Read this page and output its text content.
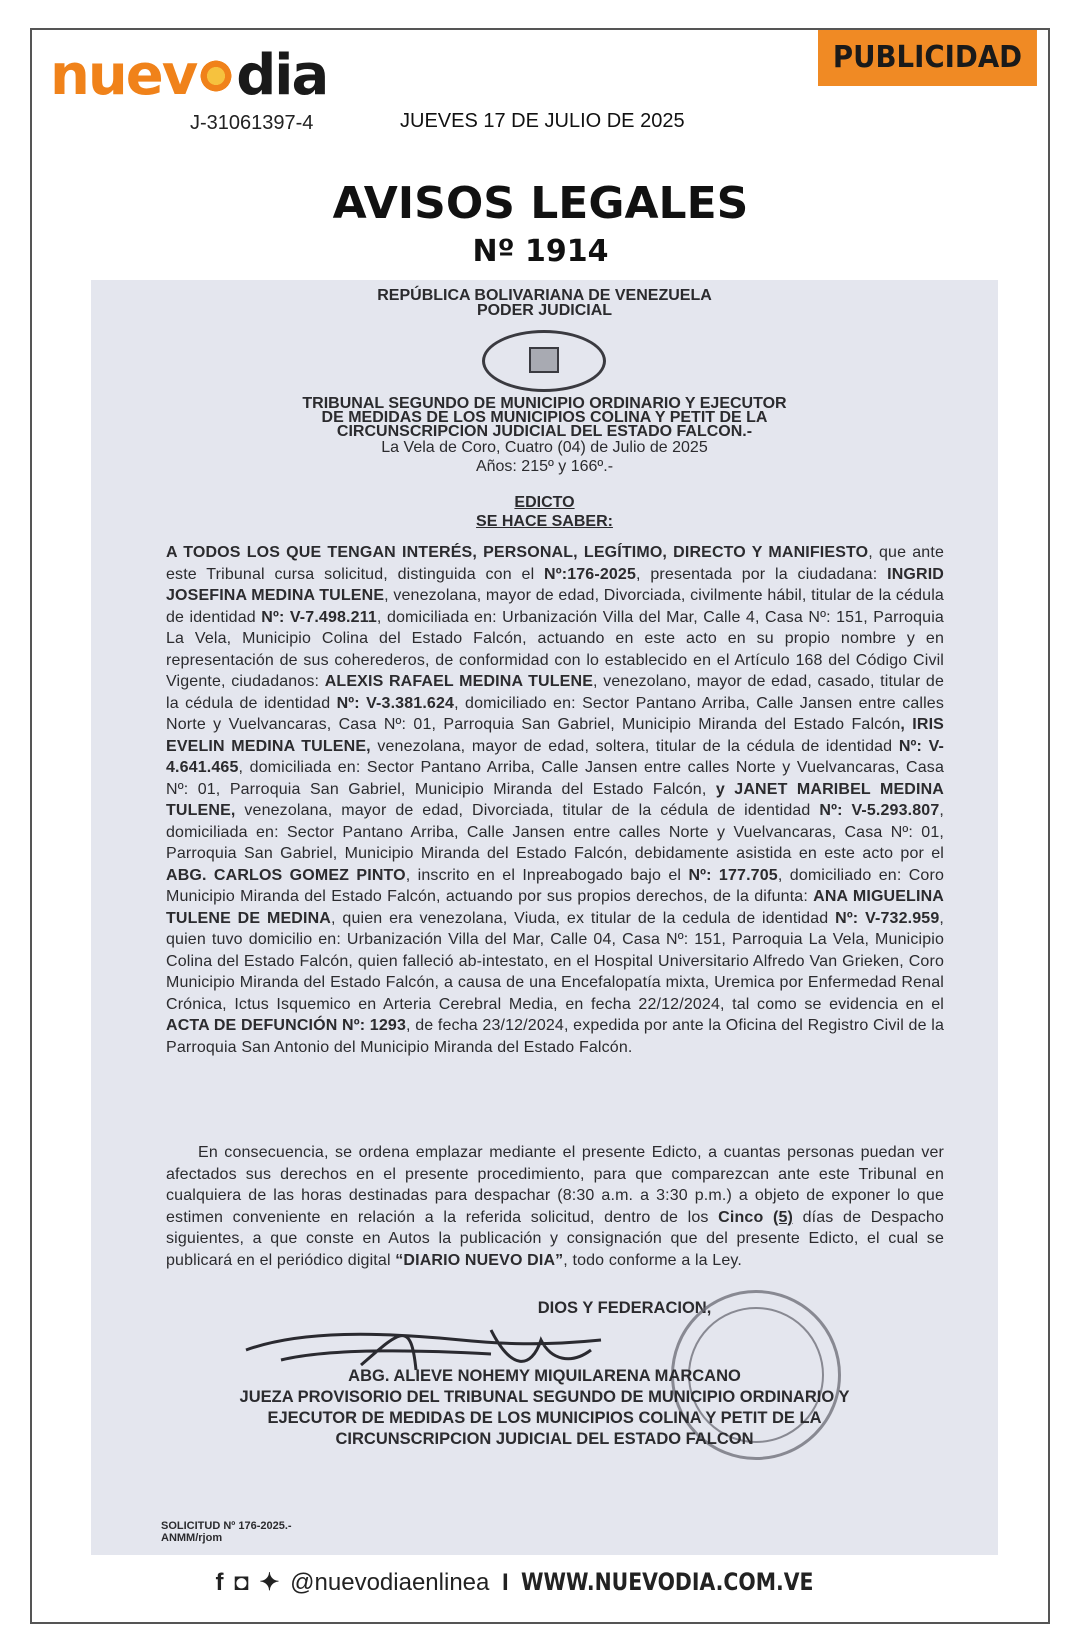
nuev dia
J-31061397-4	JUEVES 17 DE JULIO DE 2025
PUBLICIDAD
AVISOS LEGALES
Nº 1914
REPÚBLICA BOLIVARIANA DE VENEZUELA
PODER JUDICIAL
TRIBUNAL SEGUNDO DE MUNICIPIO ORDINARIO Y EJECUTOR
DE MEDIDAS DE LOS MUNICIPIOS COLINA Y PETIT DE LA
CIRCUNSCRIPCION JUDICIAL DEL ESTADO FALCON.-
La Vela de Coro, Cuatro (04) de Julio de 2025
Años: 215º y 166º.-
EDICTO
SE HACE SABER:
A TODOS LOS QUE TENGAN INTERÉS, PERSONAL, LEGÍTIMO, DIRECTO Y MANIFIESTO, que ante este Tribunal cursa solicitud, distinguida con el Nº:176-2025, presentada por la ciudadana: INGRID JOSEFINA MEDINA TULENE, venezolana, mayor de edad, Divorciada, civilmente hábil, titular de la cédula de identidad Nº: V-7.498.211, domiciliada en: Urbanización Villa del Mar, Calle 4, Casa Nº: 151, Parroquia La Vela, Municipio Colina del Estado Falcón, actuando en este acto en su propio nombre y en representación de sus coherederos, de conformidad con lo establecido en el Artículo 168 del Código Civil Vigente, ciudadanos: ALEXIS RAFAEL MEDINA TULENE, venezolano, mayor de edad, casado, titular de la cédula de identidad Nº: V-3.381.624, domiciliado en: Sector Pantano Arriba, Calle Jansen entre calles Norte y Vuelvancaras, Casa Nº: 01, Parroquia San Gabriel, Municipio Miranda del Estado Falcón, IRIS EVELIN MEDINA TULENE, venezolana, mayor de edad, soltera, titular de la cédula de identidad Nº: V-4.641.465, domiciliada en: Sector Pantano Arriba, Calle Jansen entre calles Norte y Vuelvancaras, Casa Nº: 01, Parroquia San Gabriel, Municipio Miranda del Estado Falcón, y JANET MARIBEL MEDINA TULENE, venezolana, mayor de edad, Divorciada, titular de la cédula de identidad Nº: V-5.293.807, domiciliada en: Sector Pantano Arriba, Calle Jansen entre calles Norte y Vuelvancaras, Casa Nº: 01, Parroquia San Gabriel, Municipio Miranda del Estado Falcón, debidamente asistida en este acto por el ABG. CARLOS GOMEZ PINTO, inscrito en el Inpreabogado bajo el Nº: 177.705, domiciliado en: Coro Municipio Miranda del Estado Falcón, actuando por sus propios derechos, de la difunta: ANA MIGUELINA TULENE DE MEDINA, quien era venezolana, Viuda, ex titular de la cedula de identidad Nº: V-732.959, quien tuvo domicilio en: Urbanización Villa del Mar, Calle 04, Casa Nº: 151, Parroquia La Vela, Municipio Colina del Estado Falcón, quien falleció ab-intestato, en el Hospital Universitario Alfredo Van Grieken, Coro Municipio Miranda del Estado Falcón, a causa de una Encefalopatía mixta, Uremica por Enfermedad Renal Crónica, Ictus Isquemico en Arteria Cerebral Media, en fecha 22/12/2024, tal como se evidencia en el ACTA DE DEFUNCIÓN Nº: 1293, de fecha 23/12/2024, expedida por ante la Oficina del Registro Civil de la Parroquia San Antonio del Municipio Miranda del Estado Falcón.
En consecuencia, se ordena emplazar mediante el presente Edicto, a cuantas personas puedan ver afectados sus derechos en el presente procedimiento, para que comparezcan ante este Tribunal en cualquiera de las horas destinadas para despachar (8:30 a.m. a 3:30 p.m.) a objeto de exponer lo que estimen conveniente en relación a la referida solicitud, dentro de los Cinco (5) días de Despacho siguientes, a que conste en Autos la publicación y consignación que del presente Edicto, el cual se publicará en el periódico digital “DIARIO NUEVO DIA”, todo conforme a la Ley.
DIOS Y FEDERACION,
ABG. ALIEVE NOHEMY MIQUILARENA MARCANO
JUEZA PROVISORIO DEL TRIBUNAL SEGUNDO DE MUNICIPIO ORDINARIO Y
EJECUTOR DE MEDIDAS DE LOS MUNICIPIOS COLINA Y PETIT DE LA
CIRCUNSCRIPCION JUDICIAL DEL ESTADO FALCON
SOLICITUD Nº 176-2025.-
ANMM/rjom
f ◘ ✦ @nuevodiaenlinea I WWW.NUEVODIA.COM.VE
